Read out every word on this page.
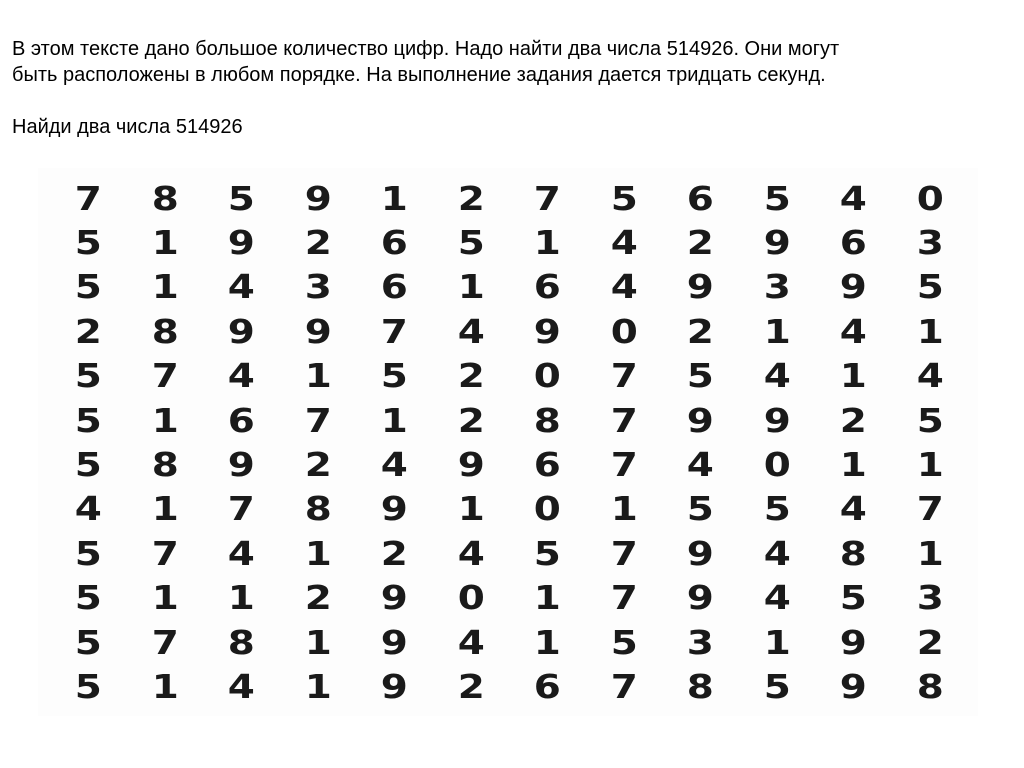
В этом тексте дано большое количество цифр. Надо найти два числа 514926. Они могут

быть расположены в любом порядке. На выполнение задания дается тридцать секунд.

Найди два числа 514926
7	8	5	9	1	2	7	5	6	5	4	0
5	1	9	2	6	5	1	4	2	9	6	3
5	1	4	3	6	1	6	4	9	3	9	5
2	8	9	9	7	4	9	0	2	1	4	1
5	7	4	1	5	2	0	7	5	4	1	4
5	1	6	7	1	2	8	7	9	9	2	5
5	8	9	2	4	9	6	7	4	0	1	1
4	1	7	8	9	1	0	1	5	5	4	7
5	7	4	1	2	4	5	7	9	4	8	1
5	1	1	2	9	0	1	7	9	4	5	3
5	7	8	1	9	4	1	5	3	1	9	2
5	1	4	1	9	2	6	7	8	5	9	8
